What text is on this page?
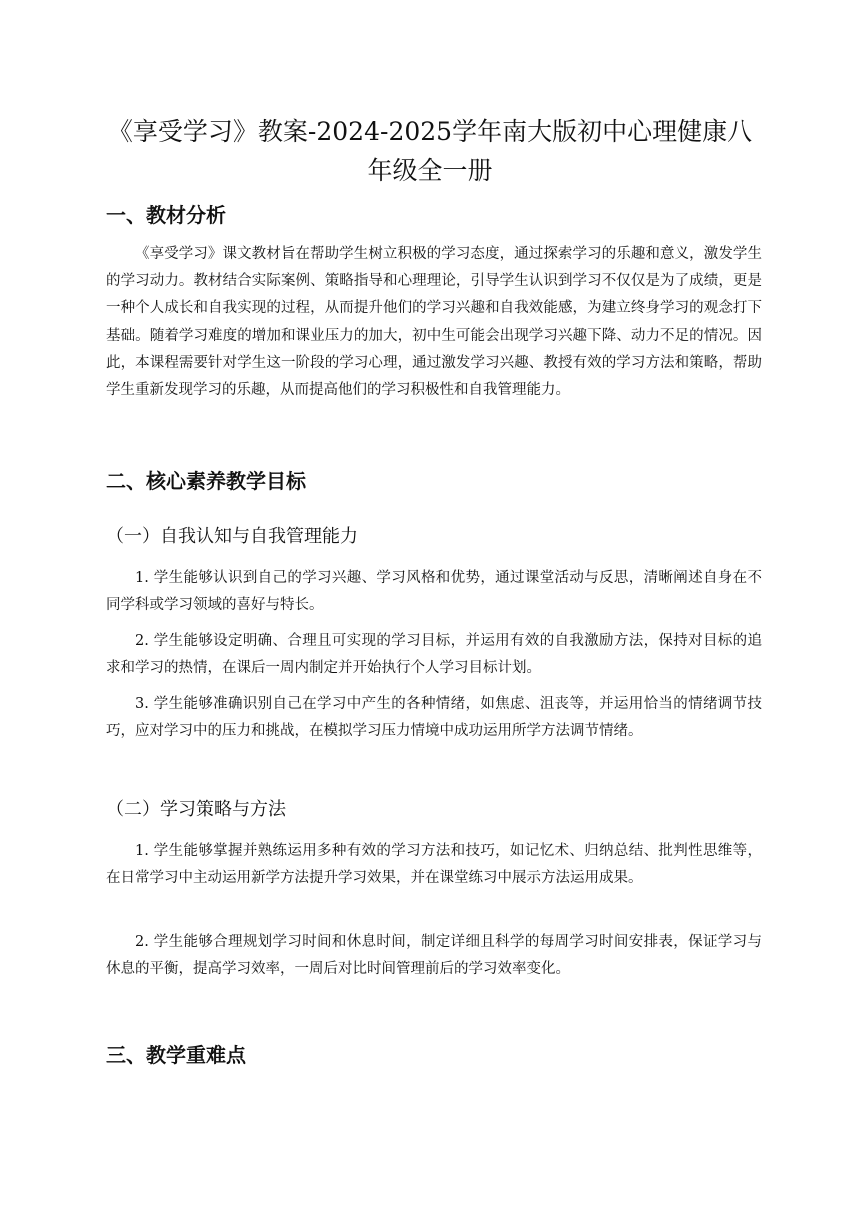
《享受学习》教案-2024-2025学年南大版初中心理健康八年级全一册
一、教材分析

《享受学习》课文教材旨在帮助学生树立积极的学习态度，通过探索学习的乐趣和意义，激发学生的学习动力。教材结合实际案例、策略指导和心理理论，引导学生认识到学习不仅仅是为了成绩，更是一种个人成长和自我实现的过程，从而提升他们的学习兴趣和自我效能感，为建立终身学习的观念打下基础。随着学习难度的增加和课业压力的加大，初中生可能会出现学习兴趣下降、动力不足的情况。因此，本课程需要针对学生这一阶段的学习心理，通过激发学习兴趣、教授有效的学习方法和策略，帮助学生重新发现学习的乐趣，从而提高他们的学习积极性和自我管理能力。

二、核心素养教学目标
（一）自我认知与自我管理能力

1. 学生能够认识到自己的学习兴趣、学习风格和优势，通过课堂活动与反思，清晰阐述自身在不同学科或学习领域的喜好与特长。

2. 学生能够设定明确、合理且可实现的学习目标，并运用有效的自我激励方法，保持对目标的追求和学习的热情，在课后一周内制定并开始执行个人学习目标计划。

3. 学生能够准确识别自己在学习中产生的各种情绪，如焦虑、沮丧等，并运用恰当的情绪调节技巧，应对学习中的压力和挑战，在模拟学习压力情境中成功运用所学方法调节情绪。

（二）学习策略与方法

1. 学生能够掌握并熟练运用多种有效的学习方法和技巧，如记忆术、归纳总结、批判性思维等，在日常学习中主动运用新学方法提升学习效果，并在课堂练习中展示方法运用成果。

2. 学生能够合理规划学习时间和休息时间，制定详细且科学的每周学习时间安排表，保证学习与休息的平衡，提高学习效率，一周后对比时间管理前后的学习效率变化。

三、教学重难点
